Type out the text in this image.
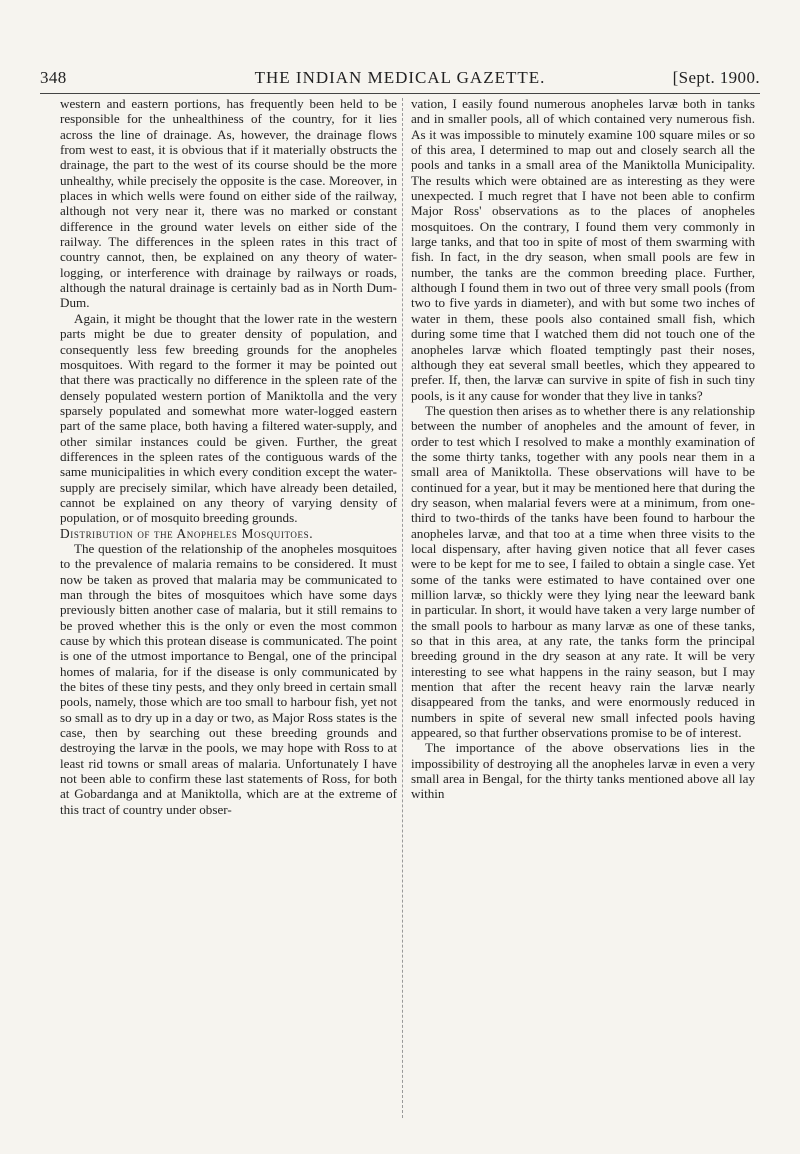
348	THE INDIAN MEDICAL GAZETTE.	[Sept. 1900.

western and eastern portions, has frequently been held to be responsible for the unhealthiness of the country, for it lies across the line of drainage. As, however, the drainage flows from west to east, it is obvious that if it materially obstructs the drainage, the part to the west of its course should be the more unhealthy, while precisely the opposite is the case. Moreover, in places in which wells were found on either side of the railway, although not very near it, there was no marked or constant difference in the ground water levels on either side of the railway. The differences in the spleen rates in this tract of country cannot, then, be explained on any theory of water-logging, or interference with drainage by railways or roads, although the natural drainage is certainly bad as in North Dum-Dum.

Again, it might be thought that the lower rate in the western parts might be due to greater density of population, and consequently less few breeding grounds for the anopheles mosquitoes. With regard to the former it may be pointed out that there was practically no difference in the spleen rate of the densely populated western portion of Maniktolla and the very sparsely populated and somewhat more water-logged eastern part of the same place, both having a filtered water-supply, and other similar instances could be given. Further, the great differences in the spleen rates of the contiguous wards of the same municipalities in which every condition except the water-supply are precisely similar, which have already been detailed, cannot be explained on any theory of varying density of population, or of mosquito breeding grounds.

Distribution of the Anopheles Mosquitoes.

The question of the relationship of the anopheles mosquitoes to the prevalence of malaria remains to be considered. It must now be taken as proved that malaria may be communicated to man through the bites of mosquitoes which have some days previously bitten another case of malaria, but it still remains to be proved whether this is the only or even the most common cause by which this protean disease is communicated. The point is one of the utmost importance to Bengal, one of the principal homes of malaria, for if the disease is only communicated by the bites of these tiny pests, and they only breed in certain small pools, namely, those which are too small to harbour fish, yet not so small as to dry up in a day or two, as Major Ross states is the case, then by searching out these breeding grounds and destroying the larvæ in the pools, we may hope with Ross to at least rid towns or small areas of malaria. Unfortunately I have not been able to confirm these last statements of Ross, for both at Gobardanga and at Maniktolla, which are at the extreme of this tract of country under obser-

vation, I easily found numerous anopheles larvæ both in tanks and in smaller pools, all of which contained very numerous fish. As it was impossible to minutely examine 100 square miles or so of this area, I determined to map out and closely search all the pools and tanks in a small area of the Maniktolla Municipality. The results which were obtained are as interesting as they were unexpected. I much regret that I have not been able to confirm Major Ross' observations as to the places of anopheles mosquitoes. On the contrary, I found them very commonly in large tanks, and that too in spite of most of them swarming with fish. In fact, in the dry season, when small pools are few in number, the tanks are the common breeding place. Further, although I found them in two out of three very small pools (from two to five yards in diameter), and with but some two inches of water in them, these pools also contained small fish, which during some time that I watched them did not touch one of the anopheles larvæ which floated temptingly past their noses, although they eat several small beetles, which they appeared to prefer. If, then, the larvæ can survive in spite of fish in such tiny pools, is it any cause for wonder that they live in tanks?

The question then arises as to whether there is any relationship between the number of anopheles and the amount of fever, in order to test which I resolved to make a monthly examination of the some thirty tanks, together with any pools near them in a small area of Maniktolla. These observations will have to be continued for a year, but it may be mentioned here that during the dry season, when malarial fevers were at a minimum, from one-third to two-thirds of the tanks have been found to harbour the anopheles larvæ, and that too at a time when three visits to the local dispensary, after having given notice that all fever cases were to be kept for me to see, I failed to obtain a single case. Yet some of the tanks were estimated to have contained over one million larvæ, so thickly were they lying near the leeward bank in particular. In short, it would have taken a very large number of the small pools to harbour as many larvæ as one of these tanks, so that in this area, at any rate, the tanks form the principal breeding ground in the dry season at any rate. It will be very interesting to see what happens in the rainy season, but I may mention that after the recent heavy rain the larvæ nearly disappeared from the tanks, and were enormously reduced in numbers in spite of several new small infected pools having appeared, so that further observations promise to be of interest.

The importance of the above observations lies in the impossibility of destroying all the anopheles larvæ in even a very small area in Bengal, for the thirty tanks mentioned above all lay within
